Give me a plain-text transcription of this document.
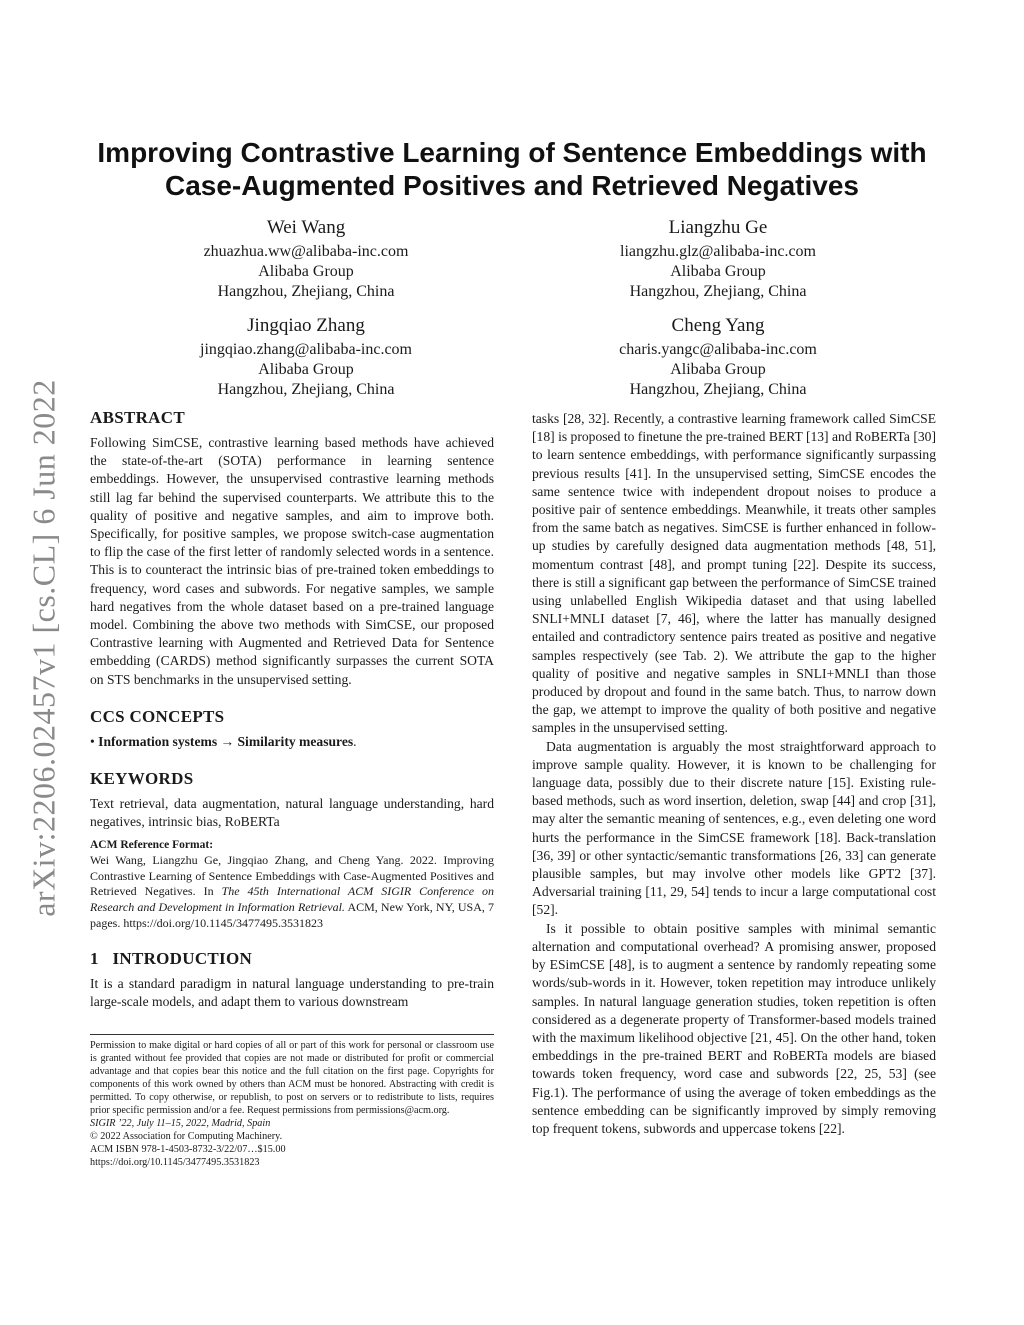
arXiv:2206.02457v1 [cs.CL] 6 Jun 2022
Improving Contrastive Learning of Sentence Embeddings with
Case-Augmented Positives and Retrieved Negatives
Wei Wang
zhuazhua.ww@alibaba-inc.com
Alibaba Group
Hangzhou, Zhejiang, China
Liangzhu Ge
liangzhu.glz@alibaba-inc.com
Alibaba Group
Hangzhou, Zhejiang, China
Jingqiao Zhang
jingqiao.zhang@alibaba-inc.com
Alibaba Group
Hangzhou, Zhejiang, China
Cheng Yang
charis.yangc@alibaba-inc.com
Alibaba Group
Hangzhou, Zhejiang, China
ABSTRACT

Following SimCSE, contrastive learning based methods have achieved the state-of-the-art (SOTA) performance in learning sentence embeddings. However, the unsupervised contrastive learning methods still lag far behind the supervised counterparts. We attribute this to the quality of positive and negative samples, and aim to improve both. Specifically, for positive samples, we propose switch-case augmentation to flip the case of the first letter of randomly selected words in a sentence. This is to counteract the intrinsic bias of pre-trained token embeddings to frequency, word cases and subwords. For negative samples, we sample hard negatives from the whole dataset based on a pre-trained language model. Combining the above two methods with SimCSE, our proposed Contrastive learning with Augmented and Retrieved Data for Sentence embedding (CARDS) method significantly surpasses the current SOTA on STS benchmarks in the unsupervised setting.

CCS CONCEPTS

• Information systems → Similarity measures.

KEYWORDS

Text retrieval, data augmentation, natural language understanding, hard negatives, intrinsic bias, RoBERTa

ACM Reference Format:

Wei Wang, Liangzhu Ge, Jingqiao Zhang, and Cheng Yang. 2022. Improving Contrastive Learning of Sentence Embeddings with Case-Augmented Positives and Retrieved Negatives. In The 45th International ACM SIGIR Conference on Research and Development in Information Retrieval. ACM, New York, NY, USA, 7 pages. https://doi.org/10.1145/3477495.3531823

1   INTRODUCTION

It is a standard paradigm in natural language understanding to pre-train large-scale models, and adapt them to various downstream

Permission to make digital or hard copies of all or part of this work for personal or classroom use is granted without fee provided that copies are not made or distributed for profit or commercial advantage and that copies bear this notice and the full citation on the first page. Copyrights for components of this work owned by others than ACM must be honored. Abstracting with credit is permitted. To copy otherwise, or republish, to post on servers or to redistribute to lists, requires prior specific permission and/or a fee. Request permissions from permissions@acm.org.

SIGIR ’22, July 11–15, 2022, Madrid, Spain

© 2022 Association for Computing Machinery.

ACM ISBN 978-1-4503-8732-3/22/07…$15.00

https://doi.org/10.1145/3477495.3531823

tasks [28, 32]. Recently, a contrastive learning framework called SimCSE [18] is proposed to finetune the pre-trained BERT [13] and RoBERTa [30] to learn sentence embeddings, with performance significantly surpassing previous results [41]. In the unsupervised setting, SimCSE encodes the same sentence twice with independent dropout noises to produce a positive pair of sentence embeddings. Meanwhile, it treats other samples from the same batch as negatives. SimCSE is further enhanced in follow-up studies by carefully designed data augmentation methods [48, 51], momentum contrast [48], and prompt tuning [22]. Despite its success, there is still a significant gap between the performance of SimCSE trained using unlabelled English Wikipedia dataset and that using labelled SNLI+MNLI dataset [7, 46], where the latter has manually designed entailed and contradictory sentence pairs treated as positive and negative samples respectively (see Tab. 2). We attribute the gap to the higher quality of positive and negative samples in SNLI+MNLI than those produced by dropout and found in the same batch. Thus, to narrow down the gap, we attempt to improve the quality of both positive and negative samples in the unsupervised setting.

Data augmentation is arguably the most straightforward approach to improve sample quality. However, it is known to be challenging for language data, possibly due to their discrete nature [15]. Existing rule-based methods, such as word insertion, deletion, swap [44] and crop [31], may alter the semantic meaning of sentences, e.g., even deleting one word hurts the performance in the SimCSE framework [18]. Back-translation [36, 39] or other syntactic/semantic transformations [26, 33] can generate plausible samples, but may involve other models like GPT2 [37]. Adversarial training [11, 29, 54] tends to incur a large computational cost [52].

Is it possible to obtain positive samples with minimal semantic alternation and computational overhead? A promising answer, proposed by ESimCSE [48], is to augment a sentence by randomly repeating some words/sub-words in it. However, token repetition may introduce unlikely samples. In natural language generation studies, token repetition is often considered as a degenerate property of Transformer-based models trained with the maximum likelihood objective [21, 45]. On the other hand, token embeddings in the pre-trained BERT and RoBERTa models are biased towards token frequency, word case and subwords [22, 25, 53] (see Fig.1). The performance of using the average of token embeddings as the sentence embedding can be significantly improved by simply removing top frequent tokens, subwords and uppercase tokens [22].
